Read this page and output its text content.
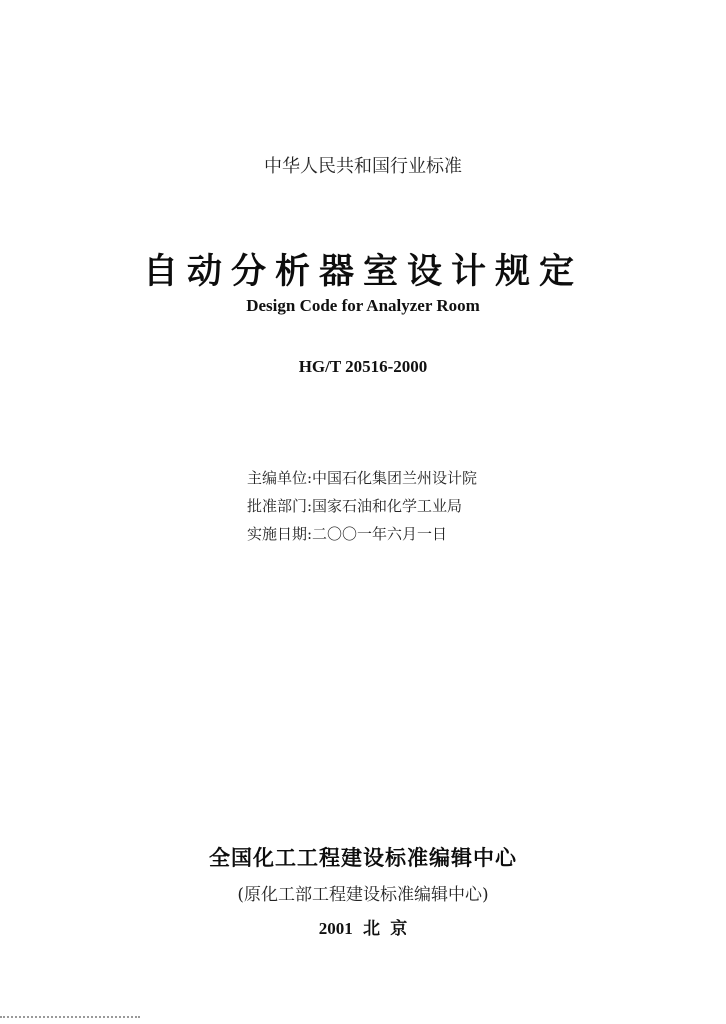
中华人民共和国行业标准
自动分析器室设计规定
Design Code for Analyzer Room
HG/T 20516-2000
主编单位:中国石化集团兰州设计院
批准部门:国家石油和化学工业局
实施日期:二〇〇一年六月一日
全国化工工程建设标准编辑中心
(原化工部工程建设标准编辑中心)
2001 北 京
